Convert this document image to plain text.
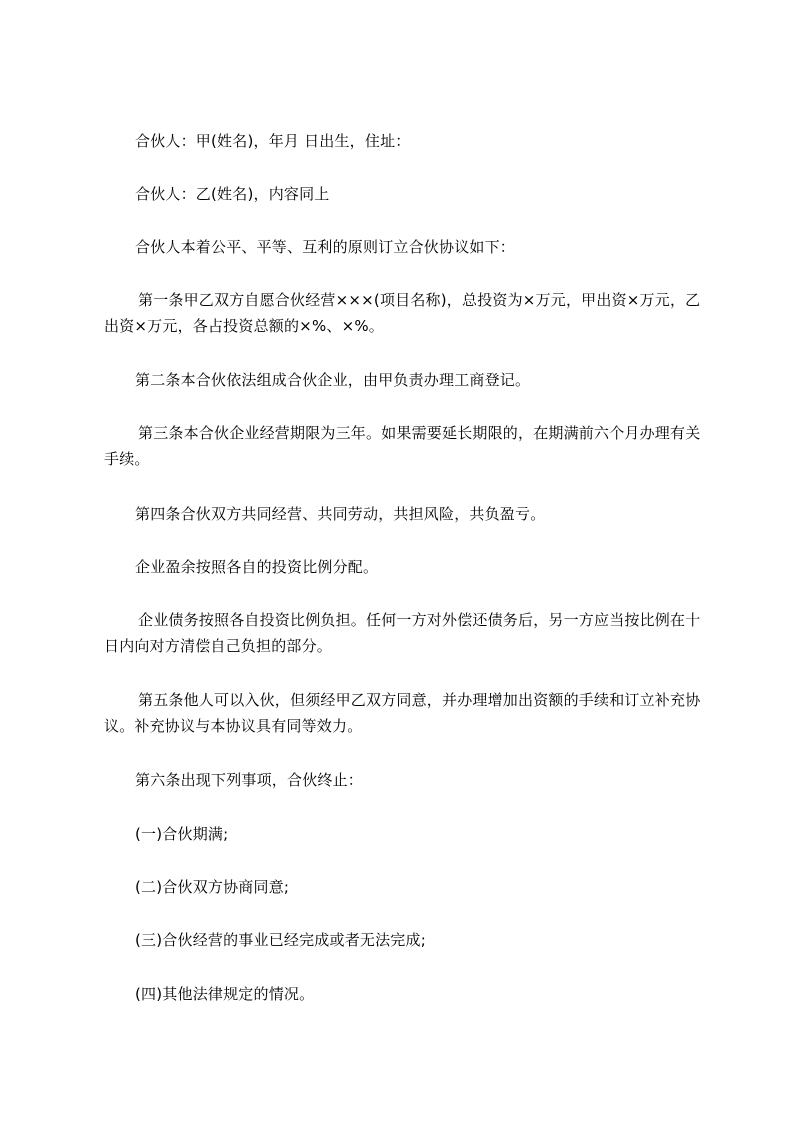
合伙人：甲(姓名)，年月 日出生，住址：

合伙人：乙(姓名)，内容同上

合伙人本着公平、平等、互利的原则订立合伙协议如下：

第一条甲乙双方自愿合伙经营×××(项目名称)，总投资为×万元，甲出资×万元，乙出资×万元，各占投资总额的×%、×%。

第二条本合伙依法组成合伙企业，由甲负责办理工商登记。

第三条本合伙企业经营期限为三年。如果需要延长期限的，在期满前六个月办理有关手续。

第四条合伙双方共同经营、共同劳动，共担风险，共负盈亏。

企业盈余按照各自的投资比例分配。

企业债务按照各自投资比例负担。任何一方对外偿还债务后，另一方应当按比例在十日内向对方清偿自己负担的部分。

第五条他人可以入伙，但须经甲乙双方同意，并办理增加出资额的手续和订立补充协议。补充协议与本协议具有同等效力。

第六条出现下列事项，合伙终止：

(一)合伙期满;

(二)合伙双方协商同意;

(三)合伙经营的事业已经完成或者无法完成;

(四)其他法律规定的情况。
